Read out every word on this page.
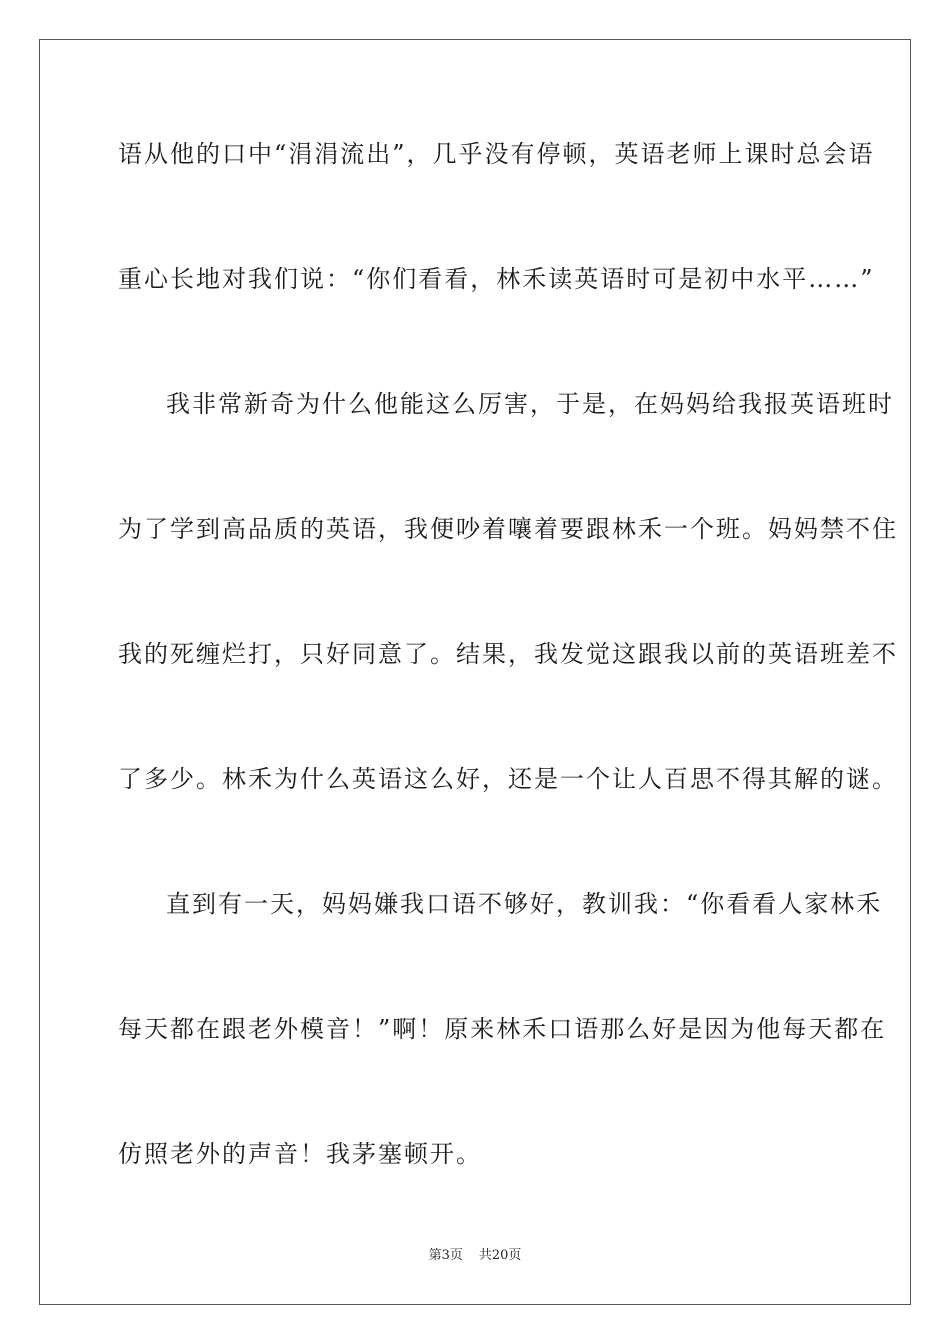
语从他的口中“涓涓流出”，几乎没有停顿，英语老师上课时总会语
重心长地对我们说：“你们看看，林禾读英语时可是初中水平……”
我非常新奇为什么他能这么厉害，于是，在妈妈给我报英语班时
为了学到高品质的英语，我便吵着嚷着要跟林禾一个班。妈妈禁不住
我的死缠烂打，只好同意了。结果，我发觉这跟我以前的英语班差不
了多少。林禾为什么英语这么好，还是一个让人百思不得其解的谜。
直到有一天，妈妈嫌我口语不够好，教训我：“你看看人家林禾
每天都在跟老外模音！”啊！原来林禾口语那么好是因为他每天都在
仿照老外的声音！我茅塞顿开。
第3页 共20页
